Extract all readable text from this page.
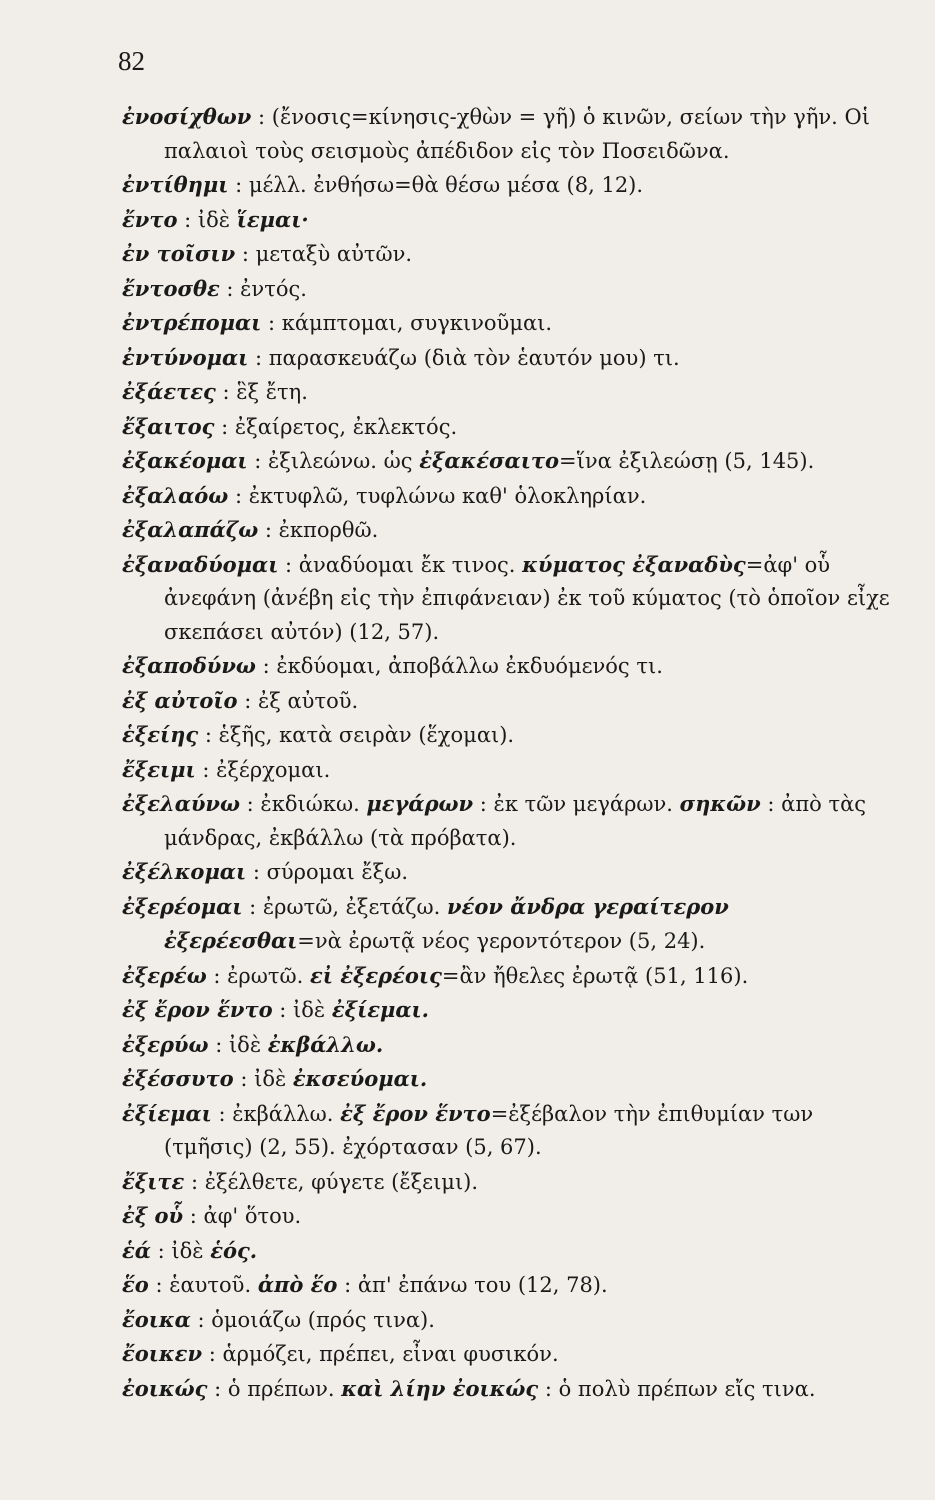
82
ἐνοσίχθων : (ἔνοσις=κίνησις-χθὼν = γῆ) ὁ κινῶν, σείων τὴν γῆν. Οἱ παλαιοὶ τοὺς σεισμοὺς ἀπέδιδον εἰς τὸν Ποσειδῶνα.
ἐντίθημι : μέλλ. ἐνθήσω=θὰ θέσω μέσα (8, 12).
ἔντο : ἰδὲ ἵεμαι·
ἐν τοῖσιν : μεταξὺ αὐτῶν.
ἔντοσθε : ἐντός.
ἐντρέπομαι : κάμπτομαι, συγκινοῦμαι.
ἐντύνομαι : παρασκευάζω (διὰ τὸν ἑαυτόν μου) τι.
ἐξάετες : ἓξ ἔτη.
ἔξαιτος : ἐξαίρετος, ἐκλεκτός.
ἐξακέομαι : ἐξιλεώνω. ὡς ἐξακέσαιτο=ἵνα ἐξιλεώσῃ (5, 145).
ἐξαλαόω : ἐκτυφλῶ, τυφλώνω καθ' ὁλοκληρίαν.
ἐξαλαπάζω : ἐκπορθῶ.
ἐξαναδύομαι : ἀναδύομαι ἔκ τινος. κύματος ἐξαναδὺς=ἀφ' οὗ ἀνεφάνη (ἀνέβη εἰς τὴν ἐπιφάνειαν) ἐκ τοῦ κύματος (τὸ ὁποῖον εἶχε σκεπάσει αὐτόν) (12, 57).
ἐξαποδύνω : ἐκδύομαι, ἀποβάλλω ἐκδυόμενός τι.
ἐξ αὐτοῖο : ἐξ αὐτοῦ.
ἑξείης : ἑξῆς, κατὰ σειρὰν (ἕχομαι).
ἔξειμι : ἐξέρχομαι.
ἐξελαύνω : ἐκδιώκω. μεγάρων : ἐκ τῶν μεγάρων. σηκῶν : ἀπὸ τὰς μάνδρας, ἐκβάλλω (τὰ πρόβατα).
ἐξέλκομαι : σύρομαι ἔξω.
ἐξερέομαι : ἐρωτῶ, ἐξετάζω. νέον ἄνδρα γεραίτερον ἐξερέεσθαι=νὰ ἐρωτᾷ νέος γεροντότερον (5, 24).
ἐξερέω : ἐρωτῶ. εἰ ἐξερέοις=ἂν ἤθελες ἐρωτᾷ (51, 116).
ἐξ ἔρον ἕντο : ἰδὲ ἐξίεμαι.
ἐξερύω : ἰδὲ ἐκβάλλω.
ἐξέσσυτο : ἰδὲ ἐκσεύομαι.
ἐξίεμαι : ἐκβάλλω. ἐξ ἔρον ἕντο=ἐξέβαλον τὴν ἐπιθυμίαν των (τμῆσις) (2, 55). ἐχόρτασαν (5, 67).
ἔξιτε : ἐξέλθετε, φύγετε (ἔξειμι).
ἐξ οὗ : ἀφ' ὅτου.
ἑά : ἰδὲ ἑός.
ἕο : ἑαυτοῦ. ἀπὸ ἕο : ἀπ' ἐπάνω του (12, 78).
ἔοικα : ὁμοιάζω (πρός τινα).
ἔοικεν : ἁρμόζει, πρέπει, εἶναι φυσικόν.
ἐοικώς : ὁ πρέπων. καὶ λίην ἐοικώς : ὁ πολὺ πρέπων εἴς τινα.
